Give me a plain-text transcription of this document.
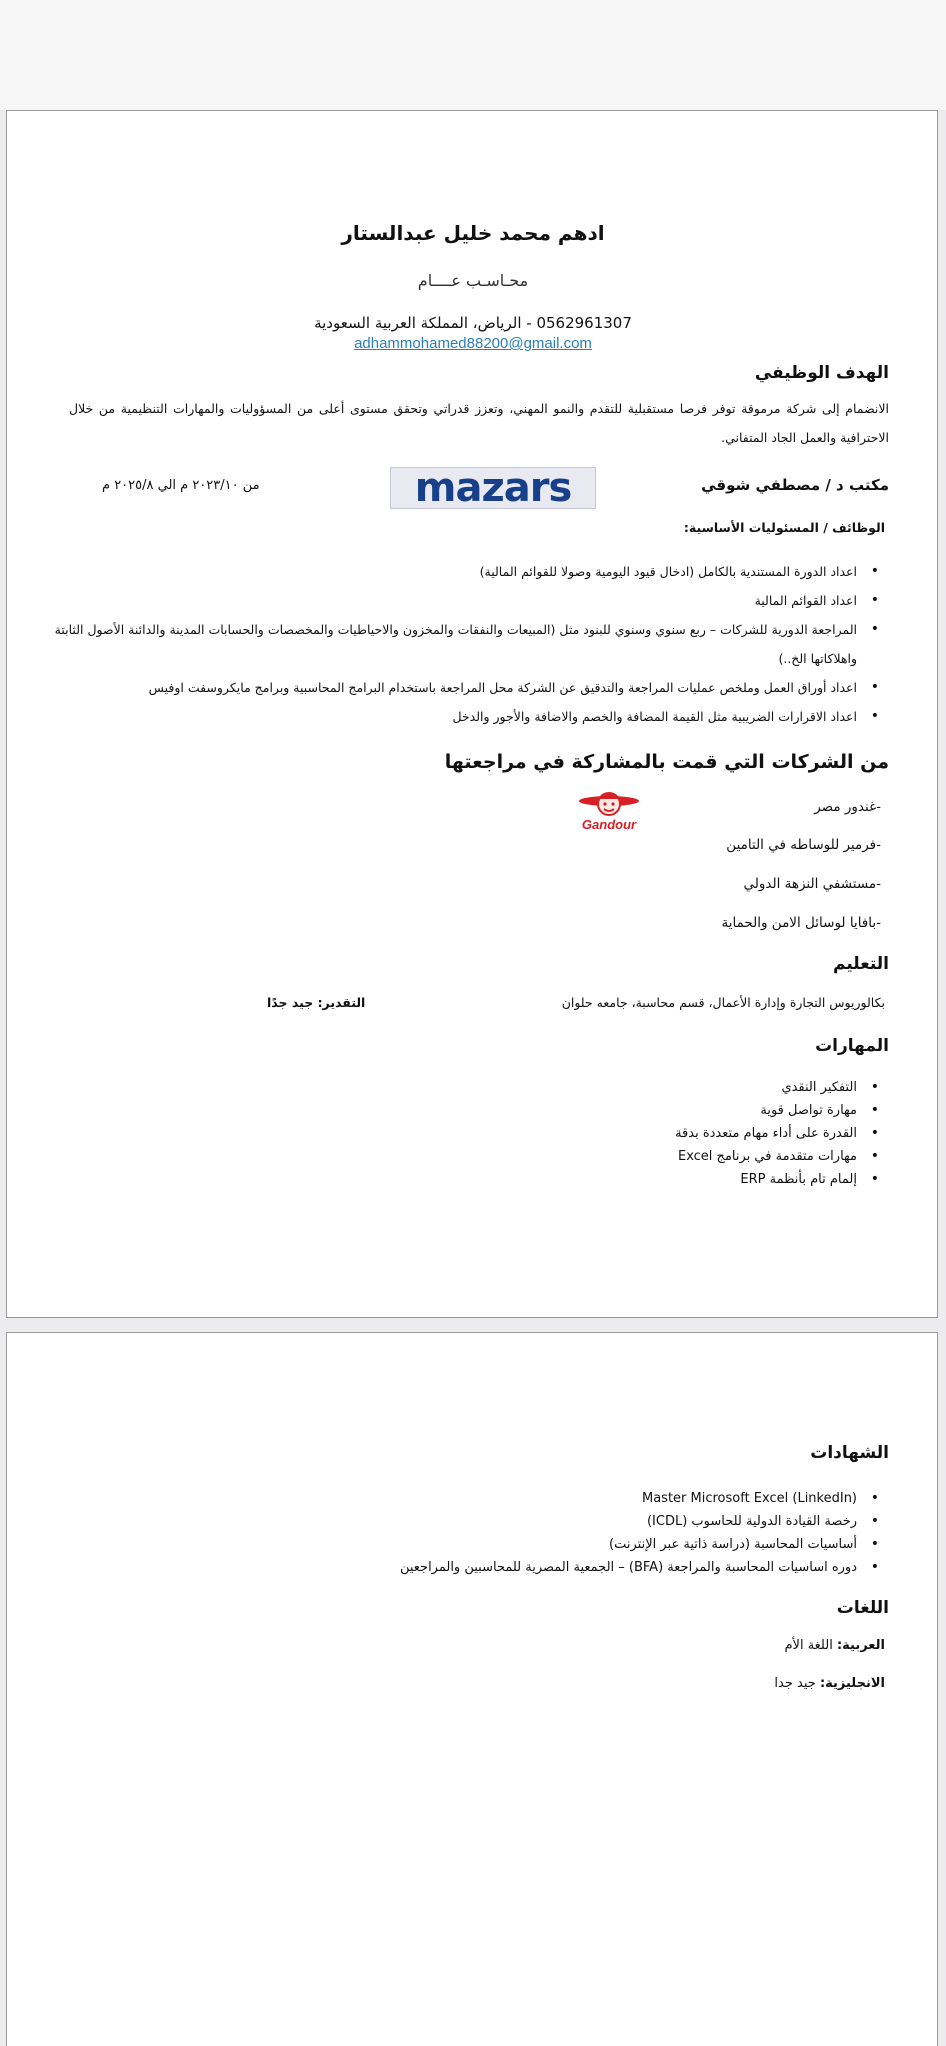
ادهم محمد خليل عبدالستار
محـاسـب عــــام
0562961307 - الرياض، المملكة العربية السعودية
adhammohamed88200@gmail.com
الهدف الوظيفي
الانضمام إلى شركة مرموقة توفر فرصا مستقبلية للتقدم والنمو المهني، وتعزز قدراتي وتحقق مستوى أعلى من المسؤوليات والمهارات التنظيمية من خلال الاحترافية والعمل الجاد المتفاني.
مكتب د / مصطفي شوقي
mazars
من ٢٠٢٣/١٠ م الي ٢٠٢٥/٨ م
الوظائف / المسئوليات الأساسية:
• اعداد الدورة المستندية بالكامل (ادخال قيود اليومية وصولا للقوائم المالية)
• اعداد القوائم المالية
• المراجعة الدورية للشركات – ربع سنوي وسنوي للبنود مثل (المبيعات والنفقات والمخزون والاحياطيات والمخصصات والحسابات المدينة والدائنة الأصول الثابتة واهلاكاتها الخ..)
• اعداد أوراق العمل وملخص عمليات المراجعة والتدقيق عن الشركة محل المراجعة باستخدام البرامج المحاسبية وبرامج مايكروسفت اوفيس
• اعداد الاقرارات الضريبية مثل القيمة المضافة والخصم والاضافة والأجور والدخل
من الشركات التي قمت بالمشاركة في مراجعتها
-غندور مصر
-فرمير للوساطه في التامين
-مستشفي النزهة الدولي
-بافايا لوسائل الامن والحماية
Gandour
التعليم
بكالوريوس التجارة وإدارة الأعمال، قسم محاسبة، جامعه حلوان
التقدير: جيد جدًا
المهارات
• التفكير النقدي
• مهارة تواصل قوية
• القدرة على أداء مهام متعددة بدقة
• مهارات متقدمة في برنامج Excel
• إلمام تام بأنظمة ERP
الشهادات
• Master Microsoft Excel (LinkedIn)
• رخصة القيادة الدولية للحاسوب (ICDL)
• أساسيات المحاسبة (دراسة ذاتية عبر الإنترنت)
• دوره اساسيات المحاسبة والمراجعة (BFA) – الجمعية المصرية للمحاسبين والمراجعين
اللغات
العربية: اللغة الأم
الانجليزية: جيد جدا
